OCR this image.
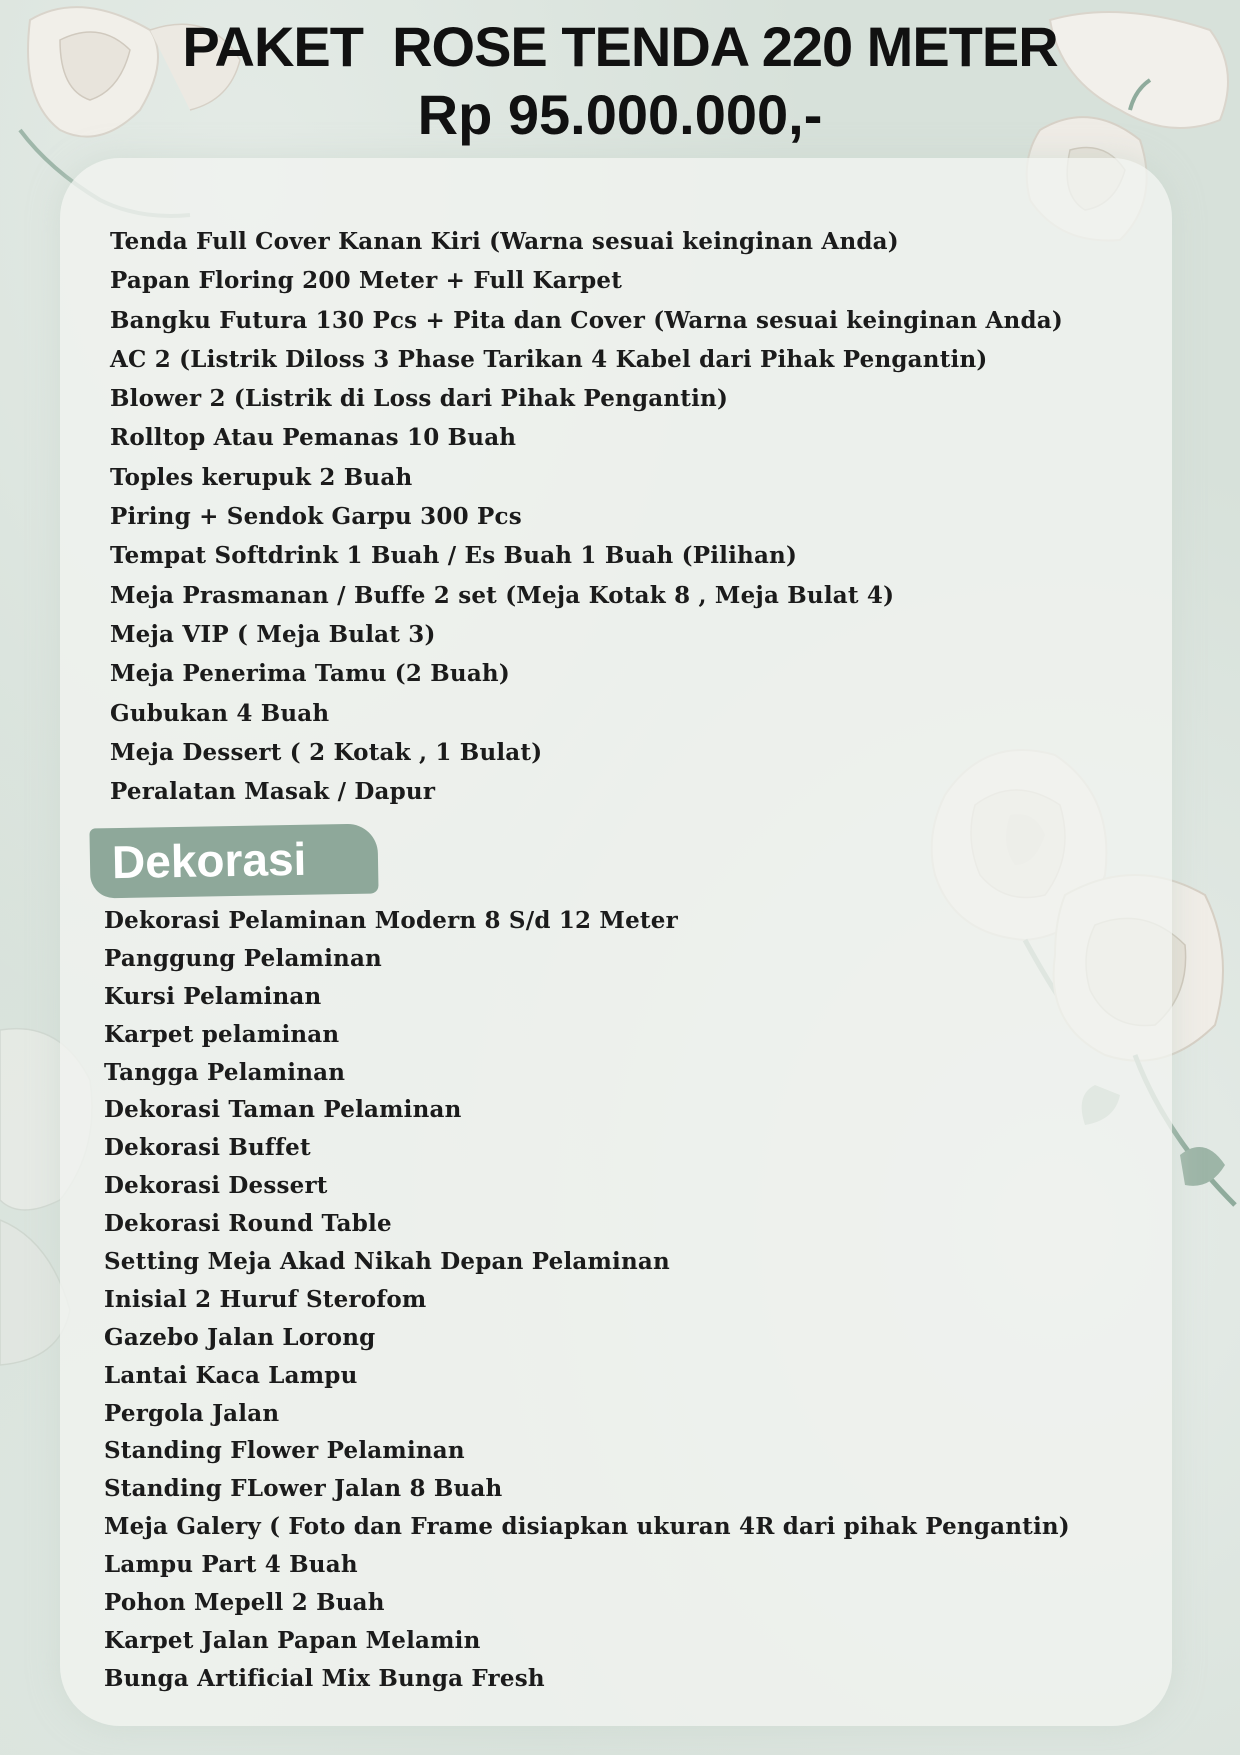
PAKET  ROSE TENDA 220 METER
Rp 95.000.000,-
Tenda Full Cover Kanan Kiri (Warna sesuai keinginan Anda)
Papan Floring 200 Meter + Full Karpet
Bangku Futura 130 Pcs + Pita dan Cover (Warna sesuai keinginan Anda)
AC 2 (Listrik Diloss 3 Phase Tarikan 4 Kabel dari Pihak Pengantin)
Blower 2 (Listrik di Loss dari Pihak Pengantin)
Rolltop Atau Pemanas 10 Buah
Toples kerupuk 2 Buah
Piring + Sendok Garpu 300 Pcs
Tempat Softdrink 1 Buah / Es Buah 1 Buah (Pilihan)
Meja Prasmanan / Buffe 2 set (Meja Kotak 8 , Meja Bulat 4)
Meja VIP ( Meja Bulat 3)
Meja Penerima Tamu (2 Buah)
Gubukan 4 Buah
Meja Dessert ( 2 Kotak , 1 Bulat)
Peralatan Masak / Dapur
Dekorasi
Dekorasi Pelaminan Modern 8 S/d 12 Meter
Panggung Pelaminan
Kursi Pelaminan
Karpet pelaminan
Tangga Pelaminan
Dekorasi Taman Pelaminan
Dekorasi Buffet
Dekorasi Dessert
Dekorasi Round Table
Setting Meja Akad Nikah Depan Pelaminan
Inisial 2 Huruf Sterofom
Gazebo Jalan Lorong
Lantai Kaca Lampu
Pergola Jalan
Standing Flower Pelaminan
Standing FLower Jalan 8 Buah
Meja Galery ( Foto dan Frame disiapkan ukuran 4R dari pihak Pengantin)
Lampu Part 4 Buah
Pohon Mepell 2 Buah
Karpet Jalan Papan Melamin
Bunga Artificial Mix Bunga Fresh
